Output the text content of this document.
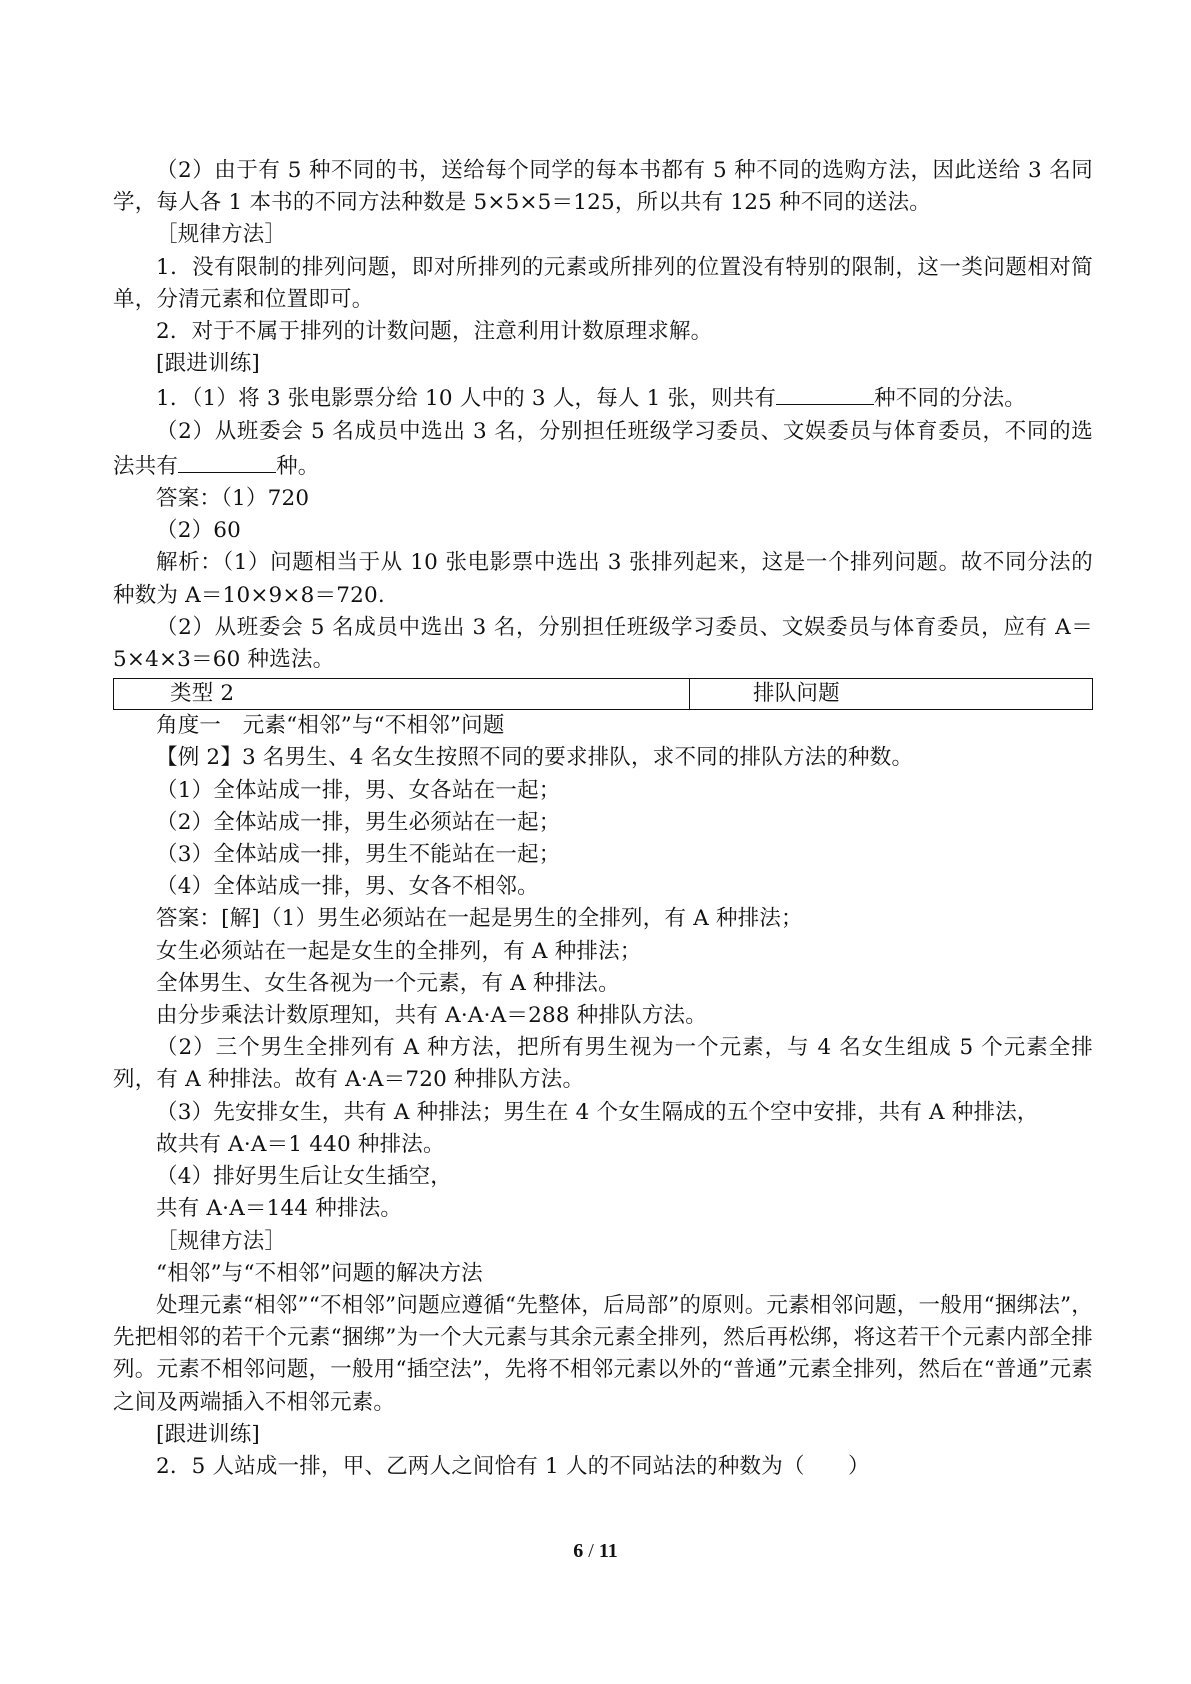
（2）由于有 5 种不同的书，送给每个同学的每本书都有 5 种不同的选购方法，因此送给 3 名同学，每人各 1 本书的不同方法种数是 5×5×5＝125，所以共有 125 种不同的送法。

［规律方法］

1．没有限制的排列问题，即对所排列的元素或所排列的位置没有特别的限制，这一类问题相对简单，分清元素和位置即可。

2．对于不属于排列的计数问题，注意利用计数原理求解。

[跟进训练]

1．（1）将 3 张电影票分给 10 人中的 3 人，每人 1 张，则共有	种不同的分法。

（2）从班委会 5 名成员中选出 3 名，分别担任班级学习委员、文娱委员与体育委员，不同的选法共有	种。

答案：（1）720

（2）60

解析：（1）问题相当于从 10 张电影票中选出 3 张排列起来，这是一个排列问题。故不同分法的种数为 A＝10×9×8＝720.

（2）从班委会 5 名成员中选出 3 名，分别担任班级学习委员、文娱委员与体育委员，应有 A＝5×4×3＝60 种选法。

类型 2	排队问题

角度一　元素“相邻”与“不相邻”问题

【例 2】3 名男生、4 名女生按照不同的要求排队，求不同的排队方法的种数。

（1）全体站成一排，男、女各站在一起；

（2）全体站成一排，男生必须站在一起；

（3）全体站成一排，男生不能站在一起；

（4）全体站成一排，男、女各不相邻。

答案：[解]（1）男生必须站在一起是男生的全排列，有 A 种排法；

女生必须站在一起是女生的全排列，有 A 种排法；

全体男生、女生各视为一个元素，有 A 种排法。

由分步乘法计数原理知，共有 A·A·A＝288 种排队方法。

（2）三个男生全排列有 A 种方法，把所有男生视为一个元素，与 4 名女生组成 5 个元素全排列，有 A 种排法。故有 A·A＝720 种排队方法。

（3）先安排女生，共有 A 种排法；男生在 4 个女生隔成的五个空中安排，共有 A 种排法，

故共有 A·A＝1 440 种排法。

（4）排好男生后让女生插空，

共有 A·A＝144 种排法。

［规律方法］

“相邻”与“不相邻”问题的解决方法

处理元素“相邻”“不相邻”问题应遵循“先整体，后局部”的原则。元素相邻问题，一般用“捆绑法”，先把相邻的若干个元素“捆绑”为一个大元素与其余元素全排列，然后再松绑，将这若干个元素内部全排列。元素不相邻问题，一般用“插空法”，先将不相邻元素以外的“普通”元素全排列，然后在“普通”元素之间及两端插入不相邻元素。

[跟进训练]

2．5 人站成一排，甲、乙两人之间恰有 1 人的不同站法的种数为（　　）

6 / 11
